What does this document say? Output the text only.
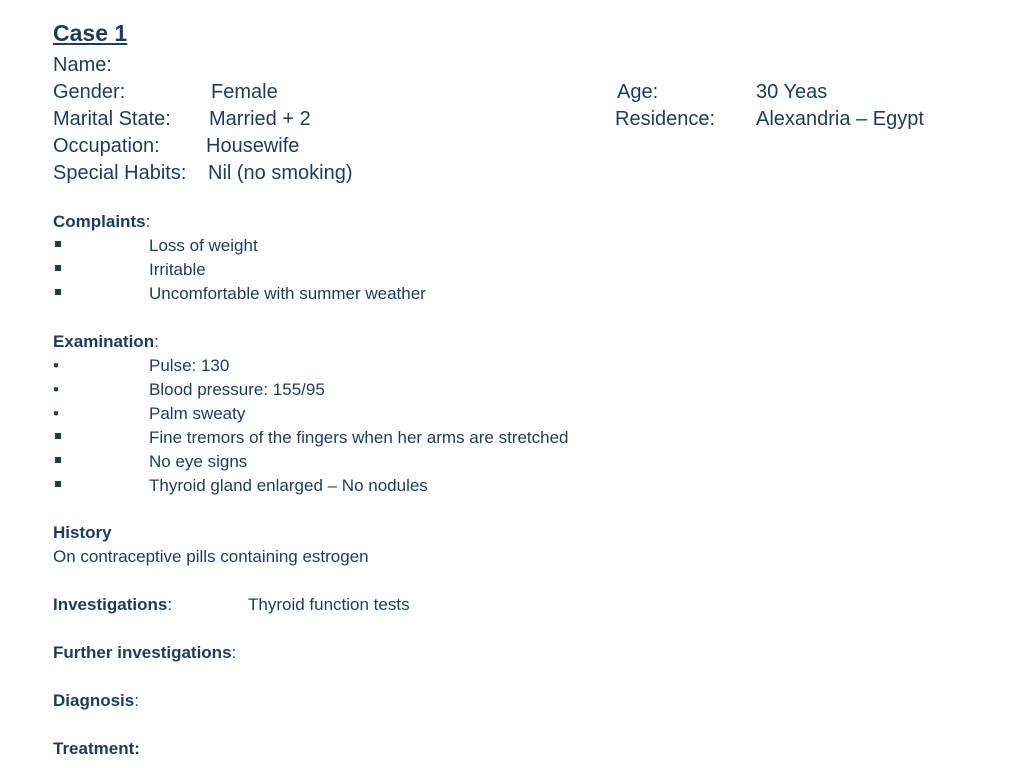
Case 1
Name:
Gender:	Female	Age:	30 Yeas
Marital State: Married + 2	Residence: Alexandria – Egypt
Occupation: Housewife
Special Habits: Nil (no smoking)
Complaints:
Loss of weight
Irritable
Uncomfortable with summer weather
Examination:
•	Pulse: 130
•	Blood pressure: 155/95
•	Palm sweaty
Fine tremors of the fingers when her arms are stretched
No eye signs
Thyroid gland enlarged – No nodules
History
On contraceptive pills containing estrogen
Investigations:	Thyroid function tests
Further investigations:
Diagnosis:
Treatment:
